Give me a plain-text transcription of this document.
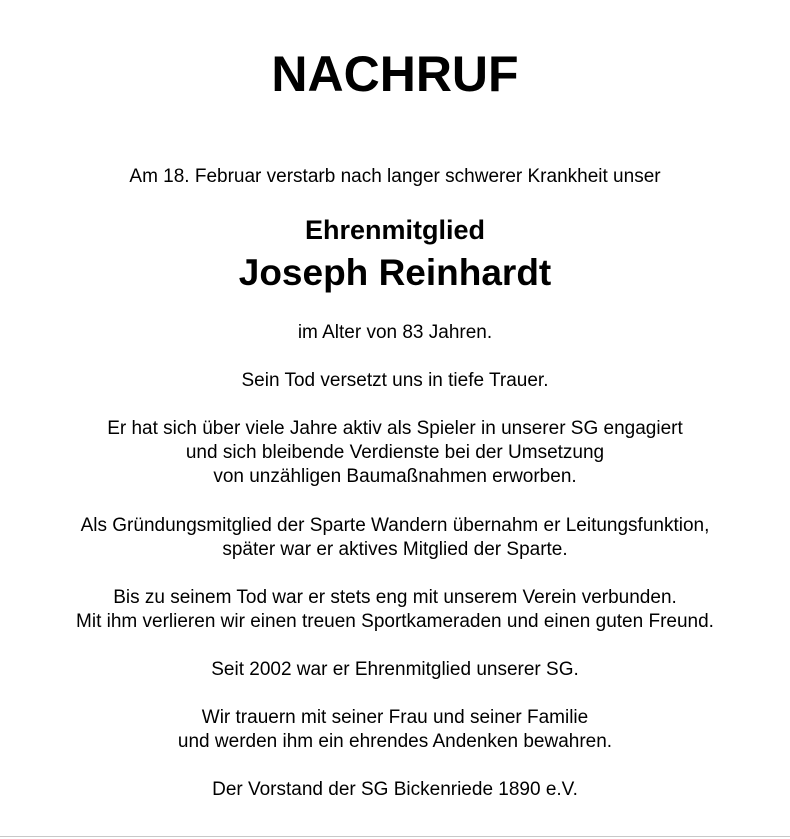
NACHRUF
Am 18. Februar verstarb nach langer schwerer Krankheit unser
Ehrenmitglied
Joseph Reinhardt
im Alter von 83 Jahren.
Sein Tod versetzt uns in tiefe Trauer.
Er hat sich über viele Jahre aktiv als Spieler in unserer SG engagiert
und sich bleibende Verdienste bei der Umsetzung
von unzähligen Baumaßnahmen erworben.
Als Gründungsmitglied der Sparte Wandern übernahm er Leitungsfunktion,
später war er aktives Mitglied der Sparte.
Bis zu seinem Tod war er stets eng mit unserem Verein verbunden.
Mit ihm verlieren wir einen treuen Sportkameraden und einen guten Freund.
Seit 2002 war er Ehrenmitglied unserer SG.
Wir trauern mit seiner Frau und seiner Familie
und werden ihm ein ehrendes Andenken bewahren.
Der Vorstand der SG Bickenriede 1890 e.V.
